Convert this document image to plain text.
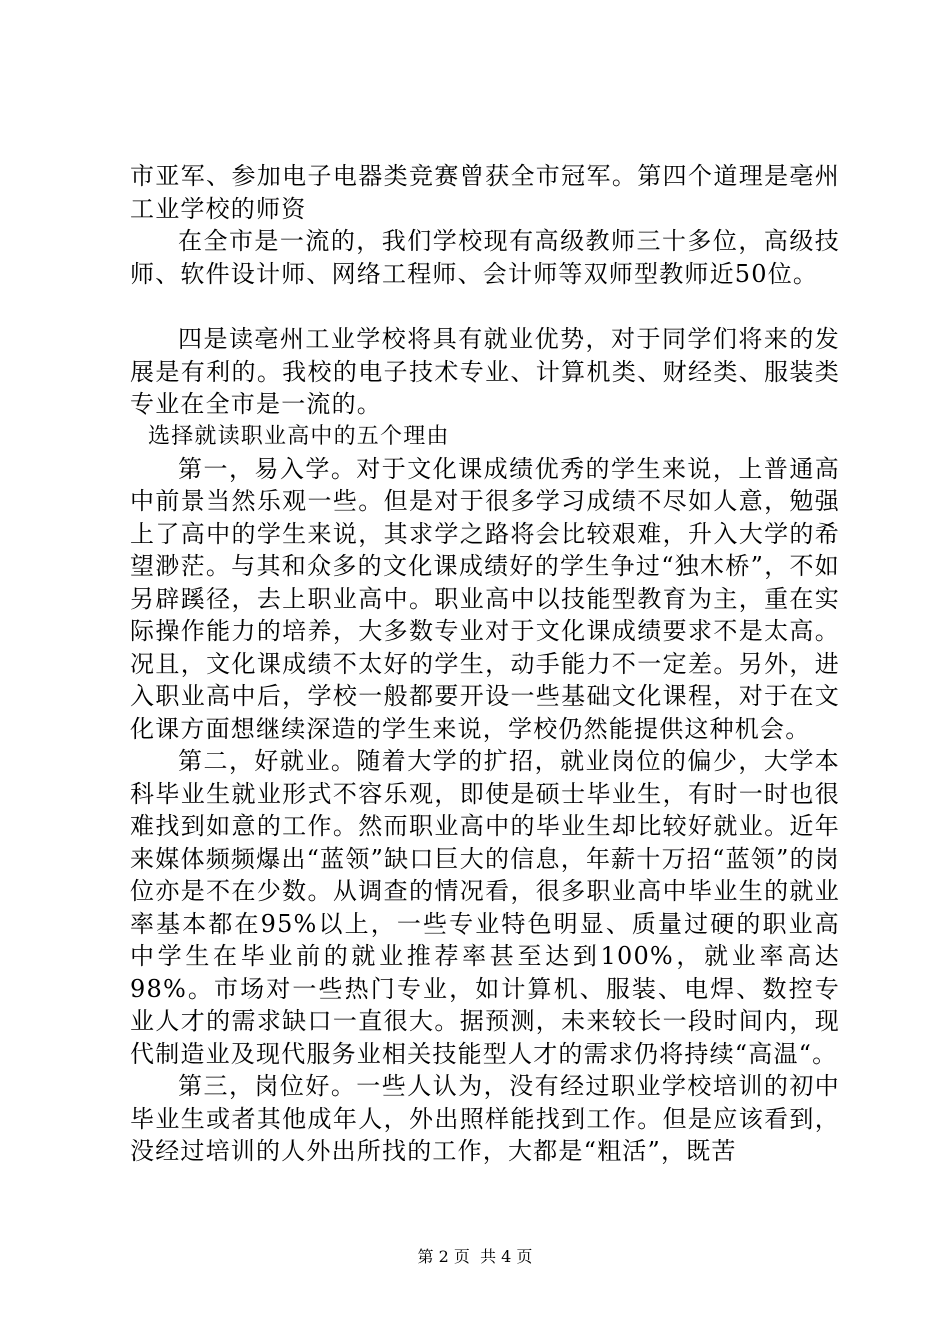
市亚军、参加电子电器类竞赛曾获全市冠军。第四个道理是亳州工业学校的师资

在全市是一流的，我们学校现有高级教师三十多位，高级技师、软件设计师、网络工程师、会计师等双师型教师近50位。

四是读亳州工业学校将具有就业优势，对于同学们将来的发展是有利的。我校的电子技术专业、计算机类、财经类、服装类专业在全市是一流的。

选择就读职业高中的五个理由

第一，易入学。对于文化课成绩优秀的学生来说，上普通高中前景当然乐观一些。但是对于很多学习成绩不尽如人意，勉强上了高中的学生来说，其求学之路将会比较艰难，升入大学的希望渺茫。与其和众多的文化课成绩好的学生争过“独木桥”，不如另辟蹊径，去上职业高中。职业高中以技能型教育为主，重在实际操作能力的培养，大多数专业对于文化课成绩要求不是太高。况且，文化课成绩不太好的学生，动手能力不一定差。另外，进入职业高中后，学校一般都要开设一些基础文化课程，对于在文化课方面想继续深造的学生来说，学校仍然能提供这种机会。

第二，好就业。随着大学的扩招，就业岗位的偏少，大学本科毕业生就业形式不容乐观，即使是硕士毕业生，有时一时也很难找到如意的工作。然而职业高中的毕业生却比较好就业。近年来媒体频频爆出“蓝领”缺口巨大的信息，年薪十万招“蓝领”的岗位亦是不在少数。从调查的情况看，很多职业高中毕业生的就业率基本都在95%以上，一些专业特色明显、质量过硬的职业高中学生在毕业前的就业推荐率甚至达到100%，就业率高达98%。市场对一些热门专业，如计算机、服装、电焊、数控专业人才的需求缺口一直很大。据预测，未来较长一段时间内，现代制造业及现代服务业相关技能型人才的需求仍将持续“高温“。

第三，岗位好。一些人认为，没有经过职业学校培训的初中毕业生或者其他成年人，外出照样能找到工作。但是应该看到，没经过培训的人外出所找的工作，大都是“粗活”，既苦

第 2 页  共 4 页
